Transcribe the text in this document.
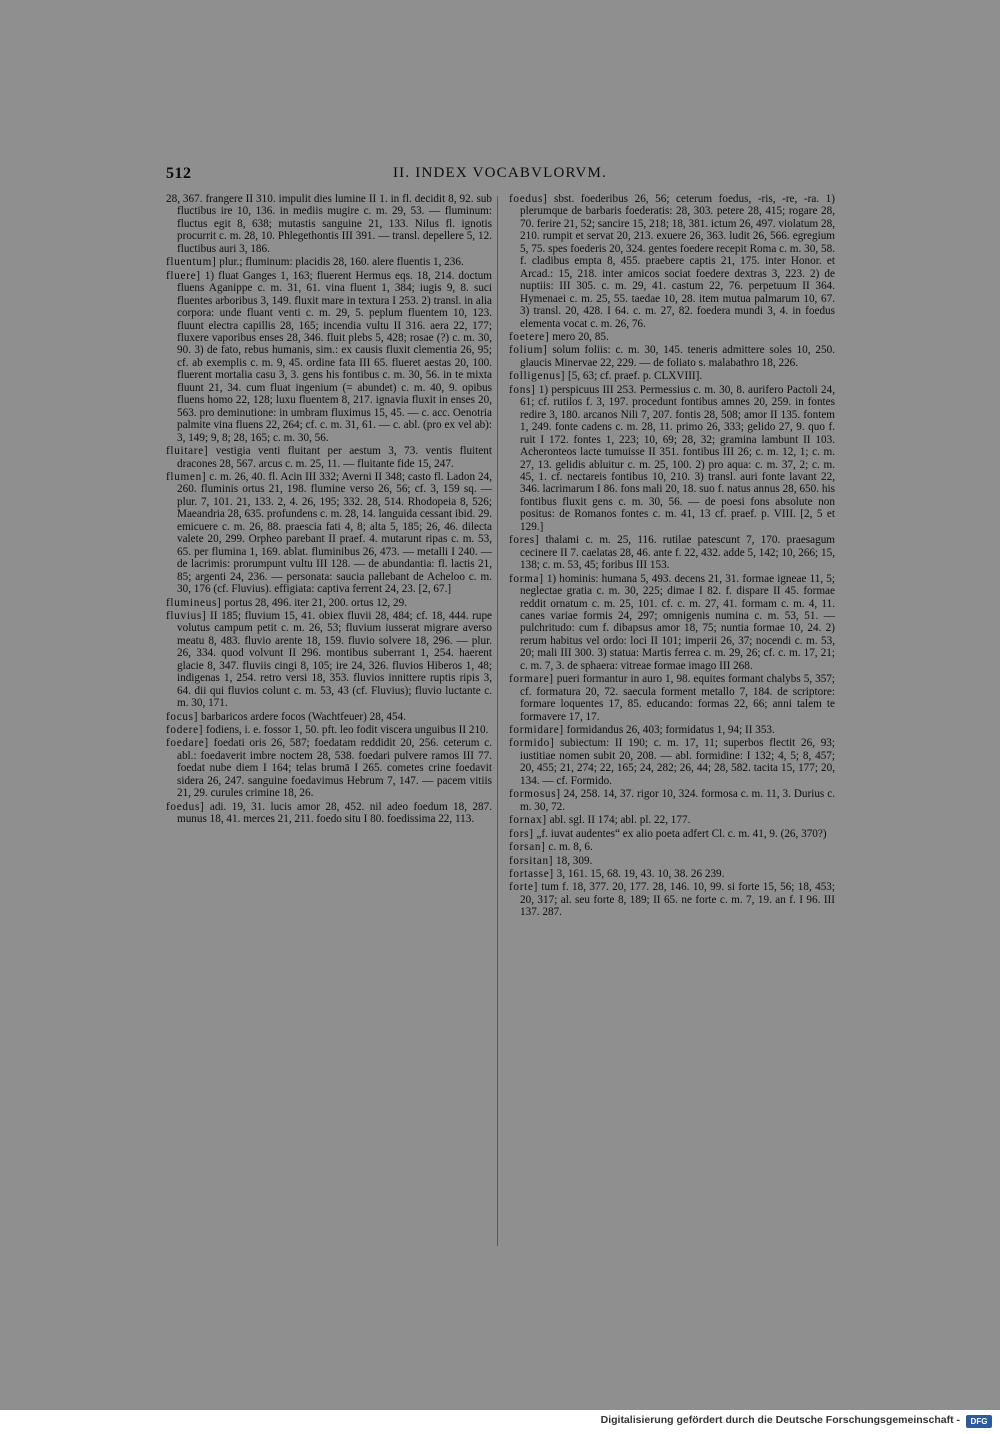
512	II. INDEX VOCABVLORVM.

28, 367. frangere II 310. impulit dies lumine II 1. in fl. decidit 8, 92. sub fluctibus ire 10, 136. in mediis mugire c. m. 29, 53. — fluminum: fluctus egit 8, 638; mutastis sanguine 21, 133. Nilus fl. ignotis procurrit c. m. 28, 10. Phlegethontis III 391. — transl. depellere 5, 12. fluctibus auri 3, 186.

fluentum] plur.; fluminum: placidis 28, 160. alere fluentis 1, 236.

fluere] 1) fluat Ganges 1, 163; fluerent Hermus eqs. 18, 214. doctum fluens Aganippe c. m. 31, 61. vina fluent 1, 384; iugis 9, 8. suci fluentes arboribus 3, 149. fluxit mare in textura I 253. 2) transl. in alia corpora: unde fluant venti c. m. 29, 5. peplum fluentem 10, 123. fluunt electra capillis 28, 165; incendia vultu II 316. aera 22, 177; fluxere vaporibus enses 28, 346. fluit plebs 5, 428; rosae (?) c. m. 30, 90. 3) de fato, rebus humanis, sim.: ex causis fluxit clementia 26, 95; cf. ab exemplis c. m. 9, 45. ordine fata III 65. flueret aestas 20, 100. fluerent mortalia casu 3, 3. gens his fontibus c. m. 30, 56. in te mixta fluunt 21, 34. cum fluat ingenium (= abundet) c. m. 40, 9. opibus fluens homo 22, 128; luxu fluentem 8, 217. ignavia fluxit in enses 20, 563. pro deminutione: in umbram fluximus 15, 45. — c. acc. Oenotria palmite vina fluens 22, 264; cf. c. m. 31, 61. — c. abl. (pro ex vel ab): 3, 149; 9, 8; 28, 165; c. m. 30, 56.

fluitare] vestigia venti fluitant per aestum 3, 73. ventis fluitent dracones 28, 567. arcus c. m. 25, 11. — fluitante fide 15, 247.

flumen] c. m. 26, 40. fl. Acin III 332; Averni II 348; casto fl. Ladon 24, 260. fluminis ortus 21, 198. flumine verso 26, 56; cf. 3, 159 sq. — plur. 7, 101. 21, 133. 2, 4. 26, 195; 332. 28, 514. Rhodopeia 8, 526; Maeandria 28, 635. profundens c. m. 28, 14. languida cessant ibid. 29. emicuere c. m. 26, 88. praescia fati 4, 8; alta 5, 185; 26, 46. dilecta valete 20, 299. Orpheo parebant II praef. 4. mutarunt ripas c. m. 53, 65. per flumina 1, 169. ablat. fluminibus 26, 473. — metalli I 240. — de lacrimis: prorumpunt vultu III 128. — de abundantia: fl. lactis 21, 85; argenti 24, 236. — personata: saucia pallebant de Acheloo c. m. 30, 176 (cf. Fluvius). effigiata: captiva ferrent 24, 23. [2, 67.]

flumineus] portus 28, 496. iter 21, 200. ortus 12, 29.

fluvius] II 185; fluvium 15, 41. obiex fluvii 28, 484; cf. 18, 444. rupe volutus campum petit c. m. 26, 53; fluvium iusserat migrare averso meatu 8, 483. fluvio arente 18, 159. fluvio solvere 18, 296. — plur. 26, 334. quod volvunt II 296. montibus suberrant 1, 254. haerent glacie 8, 347. fluviis cingi 8, 105; ire 24, 326. fluvios Hiberos 1, 48; indigenas 1, 254. retro versi 18, 353. fluvios innittere ruptis ripis 3, 64. dii qui fluvios colunt c. m. 53, 43 (cf. Fluvius); fluvio luctante c. m. 30, 171.

focus] barbaricos ardere focos (Wachtfeuer) 28, 454.

fodere] fodiens, i. e. fossor 1, 50. pft. leo fodit viscera unguibus II 210.

foedare] foedati oris 26, 587; foedatam reddidit 20, 256. ceterum c. abl.: foedaverit imbre noctem 28, 538. foedari pulvere ramos III 77. foedat nube diem I 164; telas brumā I 265. cometes crine foedavit sidera 26, 247. sanguine foedavimus Hebrum 7, 147. — pacem vitiis 21, 29. curules crimine 18, 26.

foedus] adi. 19, 31. lucis amor 28, 452. nil adeo foedum 18, 287. munus 18, 41. merces 21, 211. foedo situ I 80. foedissima 22, 113.

foedus] sbst. foederibus 26, 56; ceterum foedus, -ris, -re, -ra. 1) plerumque de barbaris foederatis: 28, 303. petere 28, 415; rogare 28, 70. ferire 21, 52; sancire 15, 218; 18, 381. ictum 26, 497. violatum 28, 210. rumpit et servat 20, 213. exuere 26, 363. ludit 26, 566. egregium 5, 75. spes foederis 20, 324. gentes foedere recepit Roma c. m. 30, 58. f. cladibus empta 8, 455. praebere captis 21, 175. inter Honor. et Arcad.: 15, 218. inter amicos sociat foedere dextras 3, 223. 2) de nuptiis: III 305. c. m. 29, 41. castum 22, 76. perpetuum II 364. Hymenaei c. m. 25, 55. taedae 10, 28. item mutua palmarum 10, 67. 3) transl. 20, 428. I 64. c. m. 27, 82. foedera mundi 3, 4. in foedus elementa vocat c. m. 26, 76.

foetere] mero 20, 85.

folium] solum foliis: c. m. 30, 145. teneris admittere soles 10, 250. glaucis Minervae 22, 229. — de foliato s. malabathro 18, 226.

folligenus] [5, 63; cf. praef. p. CLXVIII].

fons] 1) perspicuus III 253. Permessius c. m. 30, 8. aurifero Pactoli 24, 61; cf. rutilos f. 3, 197. procedunt fontibus amnes 20, 259. in fontes redire 3, 180. arcanos Nili 7, 207. fontis 28, 508; amor II 135. fontem 1, 249. fonte cadens c. m. 28, 11. primo 26, 333; gelido 27, 9. quo f. ruit I 172. fontes 1, 223; 10, 69; 28, 32; gramina lambunt II 103. Acheronteos lacte tumuisse II 351. fontibus III 26; c. m. 12, 1; c. m. 27, 13. gelidis abluitur c. m. 25, 100. 2) pro aqua: c. m. 37, 2; c. m. 45, 1. cf. nectareis fontibus 10, 210. 3) transl. auri fonte lavant 22, 346. lacrimarum I 86. fons mali 20, 18. suo f. natus annus 28, 650. his fontibus fluxit gens c. m. 30, 56. — de poesi fons absolute non positus: de Romanos fontes c. m. 41, 13 cf. praef. p. VIII. [2, 5 et 129.]

fores] thalami c. m. 25, 116. rutilae patescunt 7, 170. praesagum cecinere II 7. caelatas 28, 46. ante f. 22, 432. adde 5, 142; 10, 266; 15, 138; c. m. 53, 45; foribus III 153.

forma] 1) hominis: humana 5, 493. decens 21, 31. formae igneae 11, 5; neglectae gratia c. m. 30, 225; dimae I 82. f. dispare II 45. formae reddit ornatum c. m. 25, 101. cf. c. m. 27, 41. formam c. m. 4, 11. canes variae formis 24, 297; omnigenis numina c. m. 53, 51. — pulchritudo: cum f. dibapsus amor 18, 75; nuntia formae 10, 24. 2) rerum habitus vel ordo: loci II 101; imperii 26, 37; nocendi c. m. 53, 20; mali III 300. 3) statua: Martis ferrea c. m. 29, 26; cf. c. m. 17, 21; c. m. 7, 3. de sphaera: vitreae formae imago III 268.

formare] pueri formantur in auro 1, 98. equites formant chalybs 5, 357; cf. formatura 20, 72. saecula forment metallo 7, 184. de scriptore: formare loquentes 17, 85. educando: formas 22, 66; anni talem te formavere 17, 17.

formidare] formidandus 26, 403; formidatus 1, 94; II 353.

formido] subiectum: II 190; c. m. 17, 11; superbos flectit 26, 93; iustitiae nomen subit 20, 208. — abl. formidine: I 132; 4, 5; 8, 457; 20, 455; 21, 274; 22, 165; 24, 282; 26, 44; 28, 582. tacita 15, 177; 20, 134. — cf. Formido.

formosus] 24, 258. 14, 37. rigor 10, 324. formosa c. m. 11, 3. Durius c. m. 30, 72.

fornax] abl. sgl. II 174; abl. pl. 22, 177.

fors] „f. iuvat audentes“ ex alio poeta adfert Cl. c. m. 41, 9. (26, 370?)

forsan] c. m. 8, 6.

forsitan] 18, 309.

fortasse] 3, 161. 15, 68. 19, 43. 10, 38. 26 239.

forte] tum f. 18, 377. 20, 177. 28, 146. 10, 99. si forte 15, 56; 18, 453; 20, 317; al. seu forte 8, 189; II 65. ne forte c. m. 7, 19. an f. I 96. III 137. 287.

Digitalisierung gefördert durch die Deutsche Forschungsgemeinschaft -	DFG
